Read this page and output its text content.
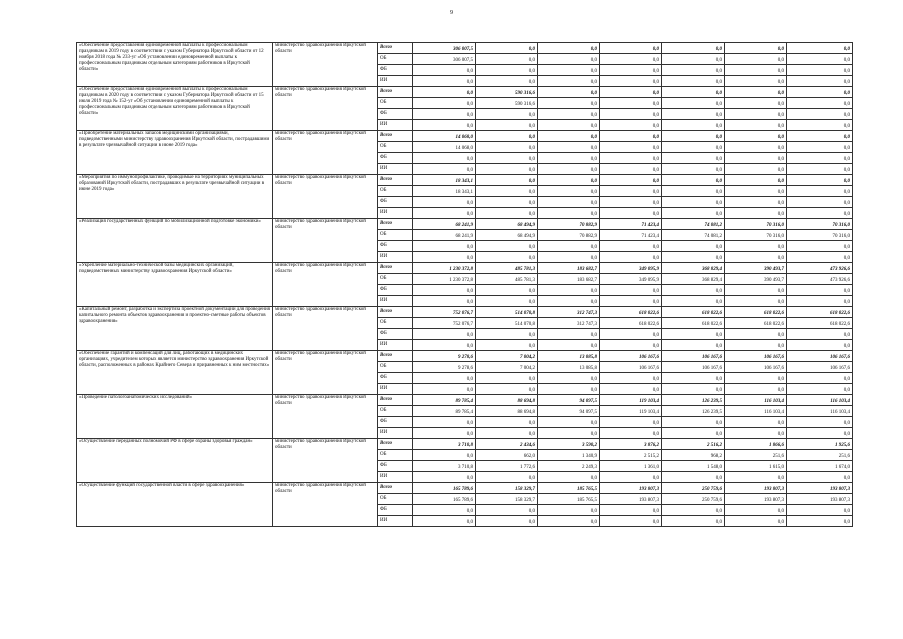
9
«Обеспечение предоставления единовременной выплаты к профессиональным праздникам в 2019 году в соответствии с указом Губернатора Иркутской области от 12 ноября 2018 года № 233-уг «Об установлении единовременной выплаты к профессиональным праздникам отдельным категориям работников в Иркутской области»	министерство здравоохранения Иркутской области	Всего	306 007,5	0,0	0,0	0,0	0,0	0,0	0,0
		ОБ	306 007,5	0,0	0,0	0,0	0,0	0,0	0,0
		ФБ	0,0	0,0	0,0	0,0	0,0	0,0	0,0
		ИИ	0,0	0,0	0,0	0,0	0,0	0,0	0,0
«Обеспечение предоставления единовременной выплаты к профессиональным праздникам в 2020 году в соответствии с указом Губернатора Иркутской области от 15 июля 2019 года № 152-уг «Об установлении единовременной выплаты к профессиональным праздникам отдельным категориям работников в Иркутской области»	министерство здравоохранения Иркутской области	Всего	0,0	590 316,6	0,0	0,0	0,0	0,0	0,0
		ОБ	0,0	590 316,6	0,0	0,0	0,0	0,0	0,0
		ФБ	0,0	0,0	0,0	0,0	0,0	0,0	0,0
		ИИ	0,0	0,0	0,0	0,0	0,0	0,0	0,0
«Приобретение материальных запасов медицинскими организациями, подведомственными министерству здравоохранения Иркутской области, пострадавшими в результате чрезвычайной ситуации в июне 2019 года»	министерство здравоохранения Иркутской области	Всего	14 068,0	0,0	0,0	0,0	0,0	0,0	0,0
		ОБ	14 068,0	0,0	0,0	0,0	0,0	0,0	0,0
		ФБ	0,0	0,0	0,0	0,0	0,0	0,0	0,0
		ИИ	0,0	0,0	0,0	0,0	0,0	0,0	0,0
«Мероприятия по иммунопрофилактике, проводимые на территориях муниципальных образований Иркутской области, пострадавших в результате чрезвычайной ситуации в июне 2019 года»	министерство здравоохранения Иркутской области	Всего	18 343,1	0,0	0,0	0,0	0,0	0,0	0,0
		ОБ	18 343,1	0,0	0,0	0,0	0,0	0,0	0,0
		ФБ	0,0	0,0	0,0	0,0	0,0	0,0	0,0
		ИИ	0,0	0,0	0,0	0,0	0,0	0,0	0,0
«Реализация государственных функций по мобилизационной подготовке экономики»	министерство здравоохранения Иркутской области	Всего	68 241,9	68 494,9	70 882,9	71 423,4	74 081,2	70 316,0	70 316,0
		ОБ	68 241,9	68 494,9	70 882,9	71 423,4	74 081,2	70 316,0	70 316,0
		ФБ	0,0	0,0	0,0	0,0	0,0	0,0	0,0
		ИИ	0,0	0,0	0,0	0,0	0,0	0,0	0,0
«Укрепление материально-технической базы медицинских организаций, подведомственных министерству здравоохранения Иркутской области»	министерство здравоохранения Иркутской области	Всего	1 230 372,8	485 781,3	183 682,7	349 095,9	368 829,4	390 493,7	473 926,6
		ОБ	1 230 372,8	485 781,3	183 682,7	349 095,9	368 829,4	390 493,7	473 926,6
		ФБ	0,0	0,0	0,0	0,0	0,0	0,0	0,0
		ИИ	0,0	0,0	0,0	0,0	0,0	0,0	0,0
«Капитальный ремонт, разработка и экспертиза проектной документации для проведения капитального ремонта объектов здравоохранения и проектно-сметные работы объектов здравоохранения»	министерство здравоохранения Иркутской области	Всего	752 076,7	514 070,8	312 747,3	618 022,6	618 022,6	618 022,6	618 022,6
		ОБ	752 076,7	514 070,8	312 747,3	618 022,6	618 022,6	618 022,6	618 022,6
		ФБ	0,0	0,0	0,0	0,0	0,0	0,0	0,0
		ИИ	0,0	0,0	0,0	0,0	0,0	0,0	0,0
«Обеспечение гарантий и компенсаций для лиц, работающих в медицинских организациях, учредителем которых является министерство здравоохранения Иркутской области, расположенных в районах Крайнего Севера и приравненных к ним местностях»	министерство здравоохранения Иркутской области	Всего	9 278,6	7 004,2	13 085,8	106 167,6	106 167,6	106 167,6	106 167,6
		ОБ	9 278,6	7 004,2	13 085,8	106 167,6	106 167,6	106 167,6	106 167,6
		ФБ	0,0	0,0	0,0	0,0	0,0	0,0	0,0
		ИИ	0,0	0,0	0,0	0,0	0,0	0,0	0,0
«Проведение патологоанатомических исследований»	министерство здравоохранения Иркутской области	Всего	89 785,4	88 694,8	94 097,5	119 103,4	126 239,5	116 103,4	116 103,4
		ОБ	89 785,4	88 694,8	94 097,5	119 103,4	126 239,5	116 103,4	116 103,4
		ФБ	0,0	0,0	0,0	0,0	0,0	0,0	0,0
		ИИ	0,0	0,0	0,0	0,0	0,0	0,0	0,0
«Осуществление переданных полномочий РФ в сфере охраны здоровья граждан»	министерство здравоохранения Иркутской области	Всего	3 710,8	2 434,6	3 590,2	3 876,2	2 516,2	1 866,6	1 925,6
		ОБ	0,0	662,0	1 340,9	2 515,2	968,2	251,6	251,6
		ФБ	3 710,8	1 772,6	2 249,3	1 361,0	1 548,0	1 615,0	1 674,0
		ИИ	0,0	0,0	0,0	0,0	0,0	0,0	0,0
«Осуществление функций государственной власти в сфере здравоохранения»	министерство здравоохранения Иркутской области	Всего	165 789,6	158 329,7	185 765,5	193 807,3	250 759,6	193 807,3	193 807,3
		ОБ	165 789,6	158 329,7	185 765,5	193 807,3	250 759,6	193 807,3	193 807,3
		ФБ	0,0	0,0	0,0	0,0	0,0	0,0	0,0
		ИИ	0,0	0,0	0,0	0,0	0,0	0,0	0,0
